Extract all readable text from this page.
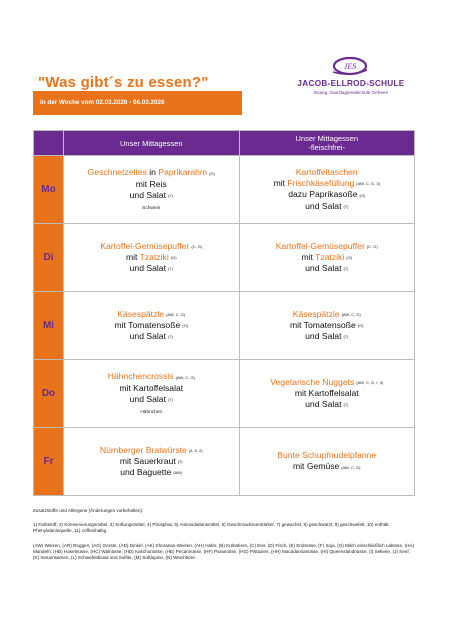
"Was gibt´s zu essen?"
in der Woche vom 02.03.2026 - 06.03.2026
JES
JACOB-ELLROD-SCHULE
Evang. Ganztagsrealschule Gefrees
	Unser Mittagessen	Unser Mittagessen
-fleischfrei-
Mo	Geschnetzeltes in Paprikarahm (G)
mit Reis
und Salat (7)
Schwein	Kartoffeltaschen
mit Frischkäsefüllung (AW, C, G, 3)
dazu Paprikasoße (G)
und Salat (7)
Di	Kartoffel-Gemüsepuffer (C, G)
mit Tzatziki (G)
und Salat (7)	Kartoffel-Gemüsepuffer (C, G)
mit Tzatziki (G)
und Salat (7)
Mi	Käsespätzle (AW, C, G)
mit Tomatensoße (G)
und Salat (7)	Käsespätzle (AW, C, G)
mit Tomatensoße (G)
und Salat (7)
Do	Hähnchencrossis (AW, C, G)
mit Kartoffelsalat
und Salat (7)
Hähnchen	Vegetarische Nuggets (AW, C, G, I, 3)
mit Kartoffelsalat
und Salat (7)
Fr	Nürnberger Bratwürste (4, 5, 2)
mit Sauerkraut (2)
und Baguette (AW)	Bunte Schupfnudelpfanne
mit Gemüse (AW, C, G)

Zusatzstoffe und Allergene (Änderungen vorbehalten):

1) Farbstoff, 2) Konservierungsmittel, 3) Süßungsmittel, 4) Phosphat, 5) Antioxidationsmittel, 6) Geschmacksverstärker, 7) gewachst, 8) geschwärzt, 9) geschwefelt, 10) enthält Phenylalaninquelle, 11) coffeinhaltig.

(AW) Weizen, (AR) Roggen, (AG) Gerste, (AD) Dinkel, (AK) Khorasan-Weizen, (AH) Hafer, (B) Krebstiere, (C) Eier, (D) Fisch, (E) Erdnüsse, (F) Soja, (G) Milch einschließlich Laktose, (HA) Mandeln, (HB) Haselnüsse, (HC) Walnüsse, (HD) Kaschunüsse, (HE) Pecannüsse, (HF) Paranüsse, (HG) Pistazien, (HH) Macadamianüsse, (HI) Queenslandnüsse, (I) Sellerie, (J) Senf, (K) Sesamsamen, (L) Schwefeldioxid und Sulfite, (M) Süßlupine, (N) Weichtiere.
